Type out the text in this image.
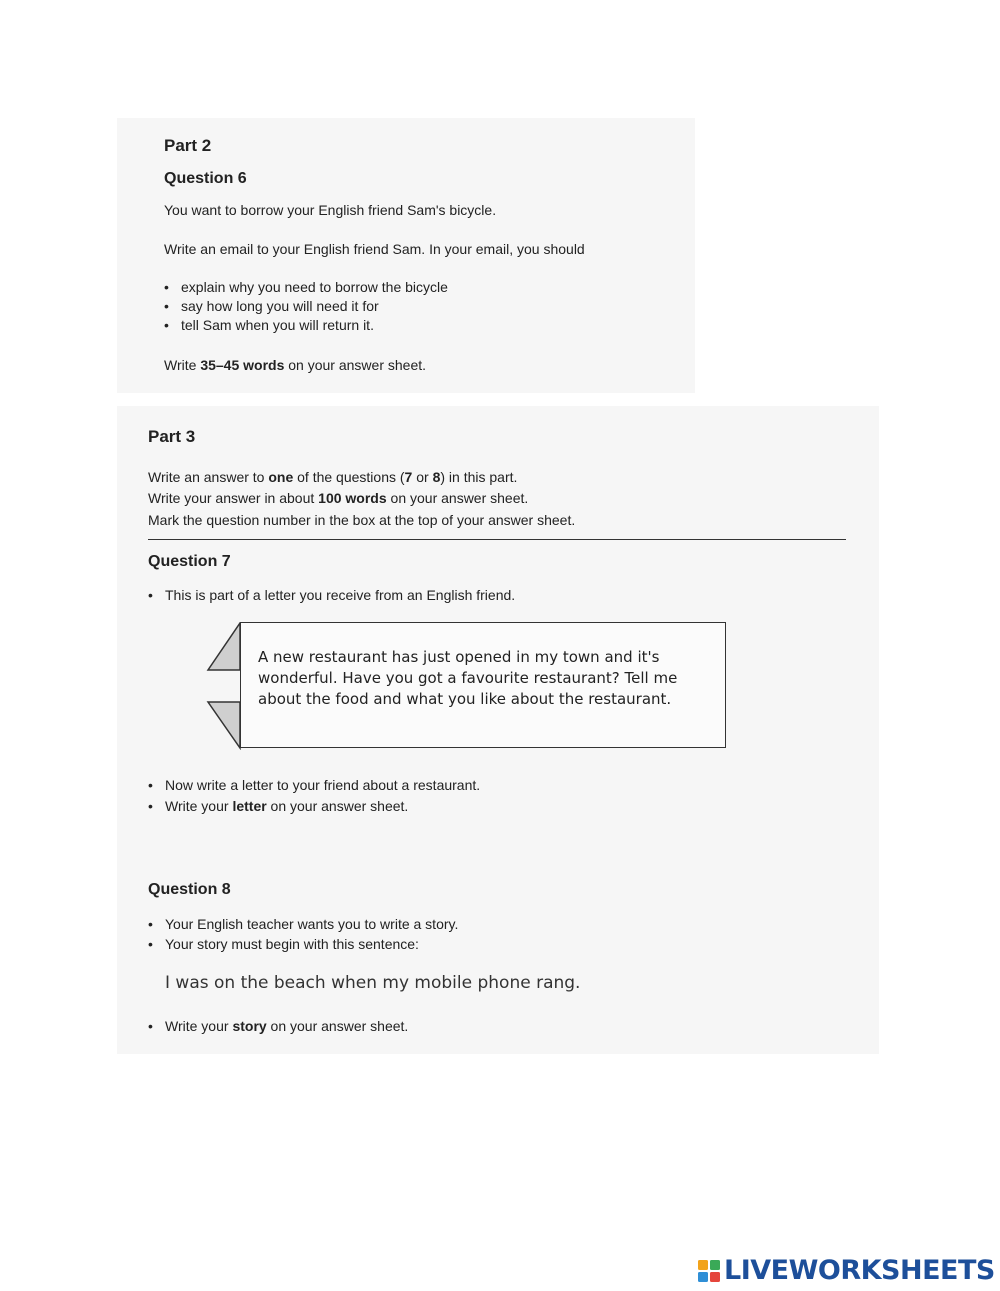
Part 2
Question 6
You want to borrow your English friend Sam's bicycle.
Write an email to your English friend Sam. In your email, you should
• explain why you need to borrow the bicycle
• say how long you will need it for
• tell Sam when you will return it.
Write 35–45 words on your answer sheet.
Part 3
Write an answer to one of the questions (7 or 8) in this part.
Write your answer in about 100 words on your answer sheet.
Mark the question number in the box at the top of your answer sheet.
Question 7
• This is part of a letter you receive from an English friend.
A new restaurant has just opened in my town and it's wonderful. Have you got a favourite restaurant? Tell me about the food and what you like about the restaurant.
• Now write a letter to your friend about a restaurant.
• Write your letter on your answer sheet.
Question 8
• Your English teacher wants you to write a story.
• Your story must begin with this sentence:
I was on the beach when my mobile phone rang.
• Write your story on your answer sheet.
LIVEWORKSHEETS
